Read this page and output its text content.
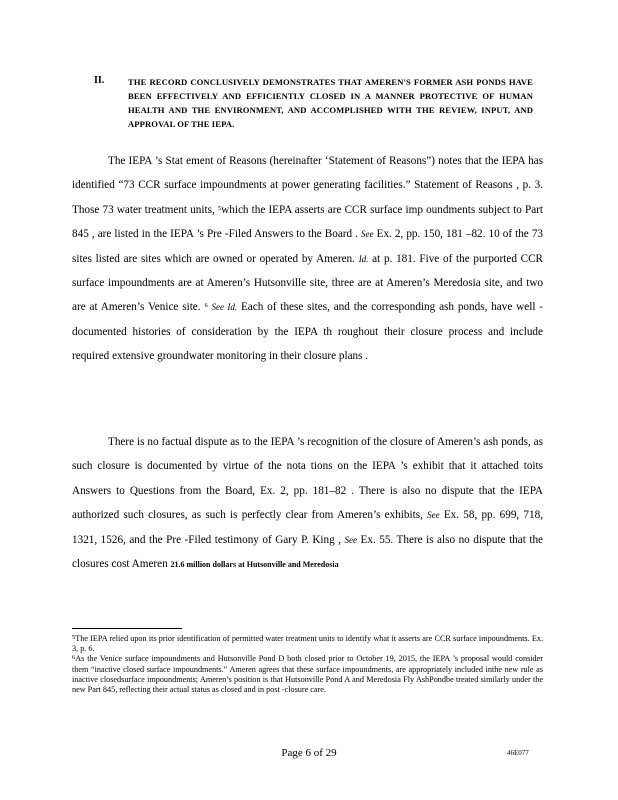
II.	THE RECORD CONCLUSIVELY DEMONSTRATES THAT AMEREN'S FORMER ASH PONDS HAVE BEEN EFFECTIVELY AND EFFICIENTLY CLOSED IN A MANNER PROTECTIVE OF HUMAN HEALTH AND THE ENVIRONMENT, AND ACCOMPLISHED WITH THE REVIEW, INPUT, AND APPROVAL OF THE IEPA.

The IEPA ’s Stat ement of Reasons (hereinafter ‘Statement of Reasons”) notes that the IEPA has identified “73 CCR surface impoundments at power generating facilities.” Statement of Reasons , p. 3. Those 73 water treatment units, $^5$which the IEPA asserts are CCR surface imp oundments subject to Part 845 , are listed in the IEPA ’s Pre -Filed Answers to the Board . See Ex. 2, pp. 150, 181 –82. 10 of the 73 sites listed are sites which are owned or operated by Ameren. Id. at p. 181. Five of the purported CCR surface impoundments are at Ameren’s Hutsonville site, three are at Ameren’s Meredosia site, and two are at Ameren’s Venice site. $^6$ See Id. Each of these sites, and the corresponding ash ponds, have well -documented histories of consideration by the IEPA th roughout their closure process and include required extensive groundwater monitoring in their closure plans .

There is no factual dispute as to the IEPA ’s recognition of the closure of Ameren’s ash ponds, as such closure is documented by virtue of the nota tions on the IEPA ’s exhibit that it attached toits Answers to Questions from the Board, Ex. 2, pp. 181–82 . There is also no dispute that the IEPA authorized such closures, as such is perfectly clear from Ameren’s exhibits, See Ex. 58, pp. 699, 718, 1321, 1526, and the Pre -Filed testimony of Gary P. King , See Ex. 55. There is also no dispute that the closures cost Ameren 21.6 million dollars at Hutsonville and Meredosia

$^5$The IEPA relied upon its prior identification of permitted water treatment units to identify what it asserts are CCR surface impoundments. Ex. 3, p. 6.

$^6$As the Venice surface impoundments and Hutsonville Pond D both closed prior to October 19, 2015, the IEPA ’s proposal would consider them “inactive closed surface impoundments.” Ameren agrees that these surface impoundments, are appropriately included inthe new rule as inactive closedsurface impoundments; Ameren’s position is that Hutsonville Pond A and Meredosia Fly AshPondbe treated similarly under the new Part 845, reflecting their actual status as closed and in post -closure care.

Page 6 of 29	46E077
